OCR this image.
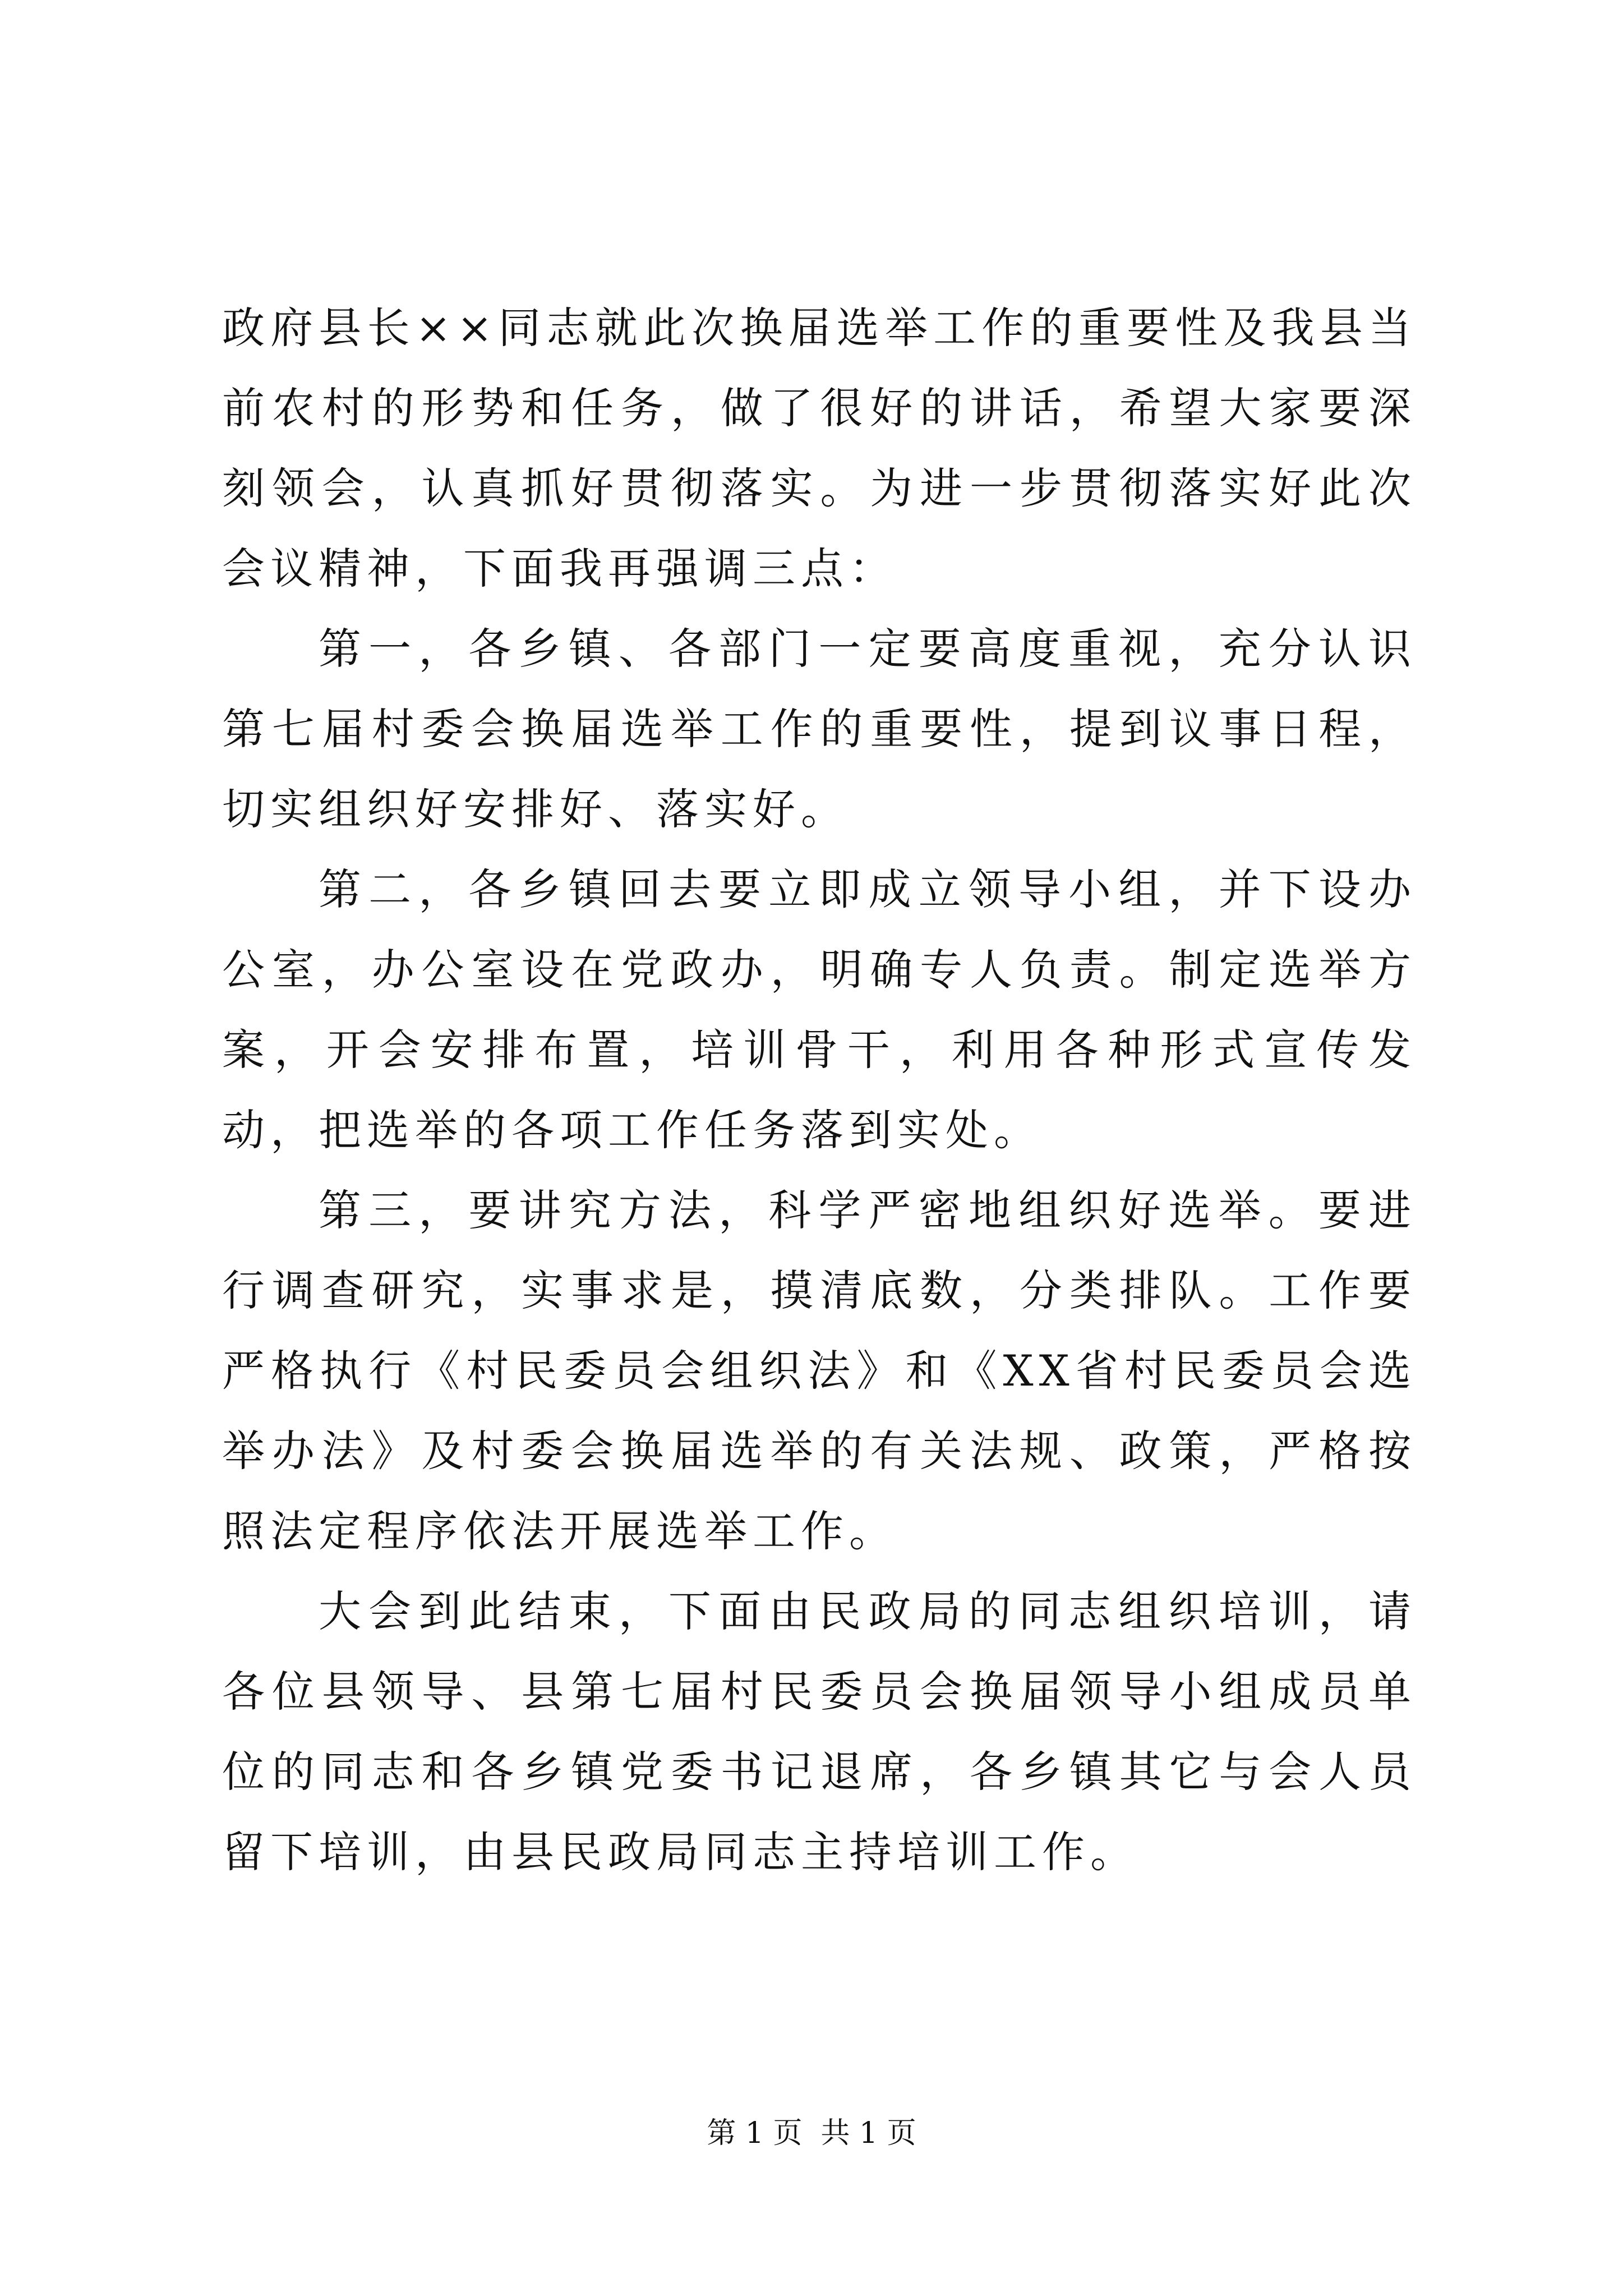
政府县长××同志就此次换届选举工作的重要性及我县当前农村的形势和任务，做了很好的讲话，希望大家要深刻领会，认真抓好贯彻落实。为进一步贯彻落实好此次会议精神，下面我再强调三点：

第一，各乡镇、各部门一定要高度重视，充分认识第七届村委会换届选举工作的重要性，提到议事日程，切实组织好安排好、落实好。

第二，各乡镇回去要立即成立领导小组，并下设办公室，办公室设在党政办，明确专人负责。制定选举方案，开会安排布置，培训骨干，利用各种形式宣传发动，把选举的各项工作任务落到实处。

第三，要讲究方法，科学严密地组织好选举。要进行调查研究，实事求是，摸清底数，分类排队。工作要严格执行《村民委员会组织法》和《XX省村民委员会选举办法》及村委会换届选举的有关法规、政策，严格按照法定程序依法开展选举工作。

大会到此结束，下面由民政局的同志组织培训，请各位县领导、县第七届村民委员会换届领导小组成员单位的同志和各乡镇党委书记退席，各乡镇其它与会人员留下培训，由县民政局同志主持培训工作。

第 1 页  共 1 页
